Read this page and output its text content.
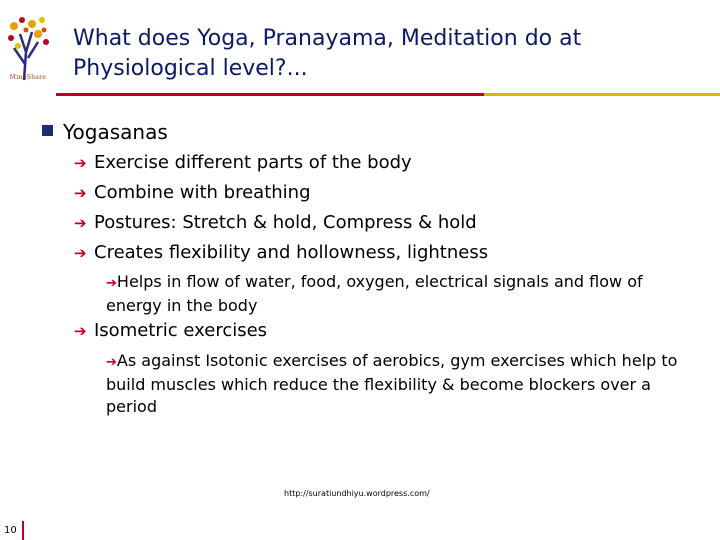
MindShare
What does Yoga, Pranayama, Meditation do at Physiological level?...
Yogasanas
➔ Exercise different parts of the body
➔ Combine with breathing
➔ Postures: Stretch & hold, Compress & hold
➔ Creates flexibility and hollowness, lightness
➔Helps in flow of water, food, oxygen, electrical signals and flow of energy in the body
➔ Isometric exercises
➔As against Isotonic exercises of aerobics, gym exercises which help to build muscles which reduce the flexibility & become blockers over a period
http://suratiundhiyu.wordpress.com/
10
